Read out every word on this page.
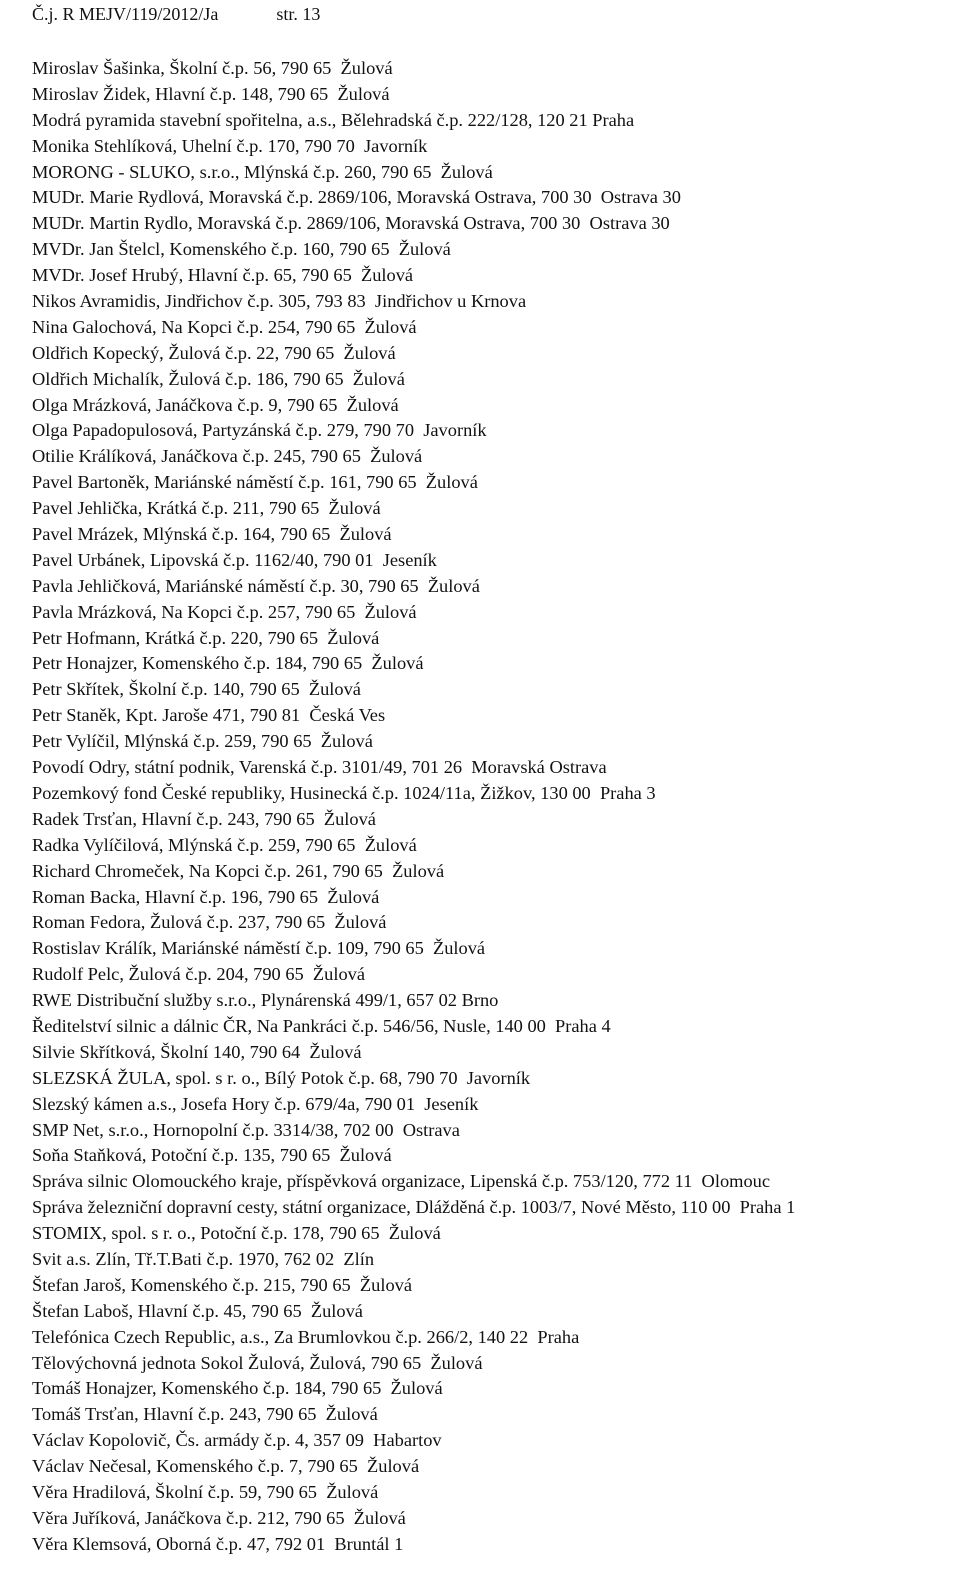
Č.j. R MEJV/119/2012/Ja	str. 13
Miroslav Šašinka, Školní č.p. 56, 790 65  Žulová
Miroslav Židek, Hlavní č.p. 148, 790 65  Žulová
Modrá pyramida stavební spořitelna, a.s., Bělehradská č.p. 222/128, 120 21 Praha
Monika Stehlíková, Uhelní č.p. 170, 790 70  Javorník
MORONG - SLUKO, s.r.o., Mlýnská č.p. 260, 790 65  Žulová
MUDr. Marie Rydlová, Moravská č.p. 2869/106, Moravská Ostrava, 700 30  Ostrava 30
MUDr. Martin Rydlo, Moravská č.p. 2869/106, Moravská Ostrava, 700 30  Ostrava 30
MVDr. Jan Štelcl, Komenského č.p. 160, 790 65  Žulová
MVDr. Josef Hrubý, Hlavní č.p. 65, 790 65  Žulová
Nikos Avramidis, Jindřichov č.p. 305, 793 83  Jindřichov u Krnova
Nina Galochová, Na Kopci č.p. 254, 790 65  Žulová
Oldřich Kopecký, Žulová č.p. 22, 790 65  Žulová
Oldřich Michalík, Žulová č.p. 186, 790 65  Žulová
Olga Mrázková, Janáčkova č.p. 9, 790 65  Žulová
Olga Papadopulosová, Partyzánská č.p. 279, 790 70  Javorník
Otilie Králíková, Janáčkova č.p. 245, 790 65  Žulová
Pavel Bartoněk, Mariánské náměstí č.p. 161, 790 65  Žulová
Pavel Jehlička, Krátká č.p. 211, 790 65  Žulová
Pavel Mrázek, Mlýnská č.p. 164, 790 65  Žulová
Pavel Urbánek, Lipovská č.p. 1162/40, 790 01  Jeseník
Pavla Jehličková, Mariánské náměstí č.p. 30, 790 65  Žulová
Pavla Mrázková, Na Kopci č.p. 257, 790 65  Žulová
Petr Hofmann, Krátká č.p. 220, 790 65  Žulová
Petr Honajzer, Komenského č.p. 184, 790 65  Žulová
Petr Skřítek, Školní č.p. 140, 790 65  Žulová
Petr Staněk, Kpt. Jaroše 471, 790 81  Česká Ves
Petr Vylíčil, Mlýnská č.p. 259, 790 65  Žulová
Povodí Odry, státní podnik, Varenská č.p. 3101/49, 701 26  Moravská Ostrava
Pozemkový fond České republiky, Husinecká č.p. 1024/11a, Žižkov, 130 00  Praha 3
Radek Trsťan, Hlavní č.p. 243, 790 65  Žulová
Radka Vylíčilová, Mlýnská č.p. 259, 790 65  Žulová
Richard Chromeček, Na Kopci č.p. 261, 790 65  Žulová
Roman Backa, Hlavní č.p. 196, 790 65  Žulová
Roman Fedora, Žulová č.p. 237, 790 65  Žulová
Rostislav Králík, Mariánské náměstí č.p. 109, 790 65  Žulová
Rudolf Pelc, Žulová č.p. 204, 790 65  Žulová
RWE Distribuční služby s.r.o., Plynárenská 499/1, 657 02 Brno
Ředitelství silnic a dálnic ČR, Na Pankráci č.p. 546/56, Nusle, 140 00  Praha 4
Silvie Skřítková, Školní 140, 790 64  Žulová
SLEZSKÁ ŽULA, spol. s r. o., Bílý Potok č.p. 68, 790 70  Javorník
Slezský kámen a.s., Josefa Hory č.p. 679/4a, 790 01  Jeseník
SMP Net, s.r.o., Hornopolní č.p. 3314/38, 702 00  Ostrava
Soňa Staňková, Potoční č.p. 135, 790 65  Žulová
Správa silnic Olomouckého kraje, příspěvková organizace, Lipenská č.p. 753/120, 772 11  Olomouc
Správa železniční dopravní cesty, státní organizace, Dlážděná č.p. 1003/7, Nové Město, 110 00  Praha 1
STOMIX, spol. s r. o., Potoční č.p. 178, 790 65  Žulová
Svit a.s. Zlín, Tř.T.Bati č.p. 1970, 762 02  Zlín
Štefan Jaroš, Komenského č.p. 215, 790 65  Žulová
Štefan Laboš, Hlavní č.p. 45, 790 65  Žulová
Telefónica Czech Republic, a.s., Za Brumlovkou č.p. 266/2, 140 22  Praha
Tělovýchovná jednota Sokol Žulová, Žulová, 790 65  Žulová
Tomáš Honajzer, Komenského č.p. 184, 790 65  Žulová
Tomáš Trsťan, Hlavní č.p. 243, 790 65  Žulová
Václav Kopolovič, Čs. armády č.p. 4, 357 09  Habartov
Václav Nečesal, Komenského č.p. 7, 790 65  Žulová
Věra Hradilová, Školní č.p. 59, 790 65  Žulová
Věra Juříková, Janáčkova č.p. 212, 790 65  Žulová
Věra Klemsová, Oborná č.p. 47, 792 01  Bruntál 1
